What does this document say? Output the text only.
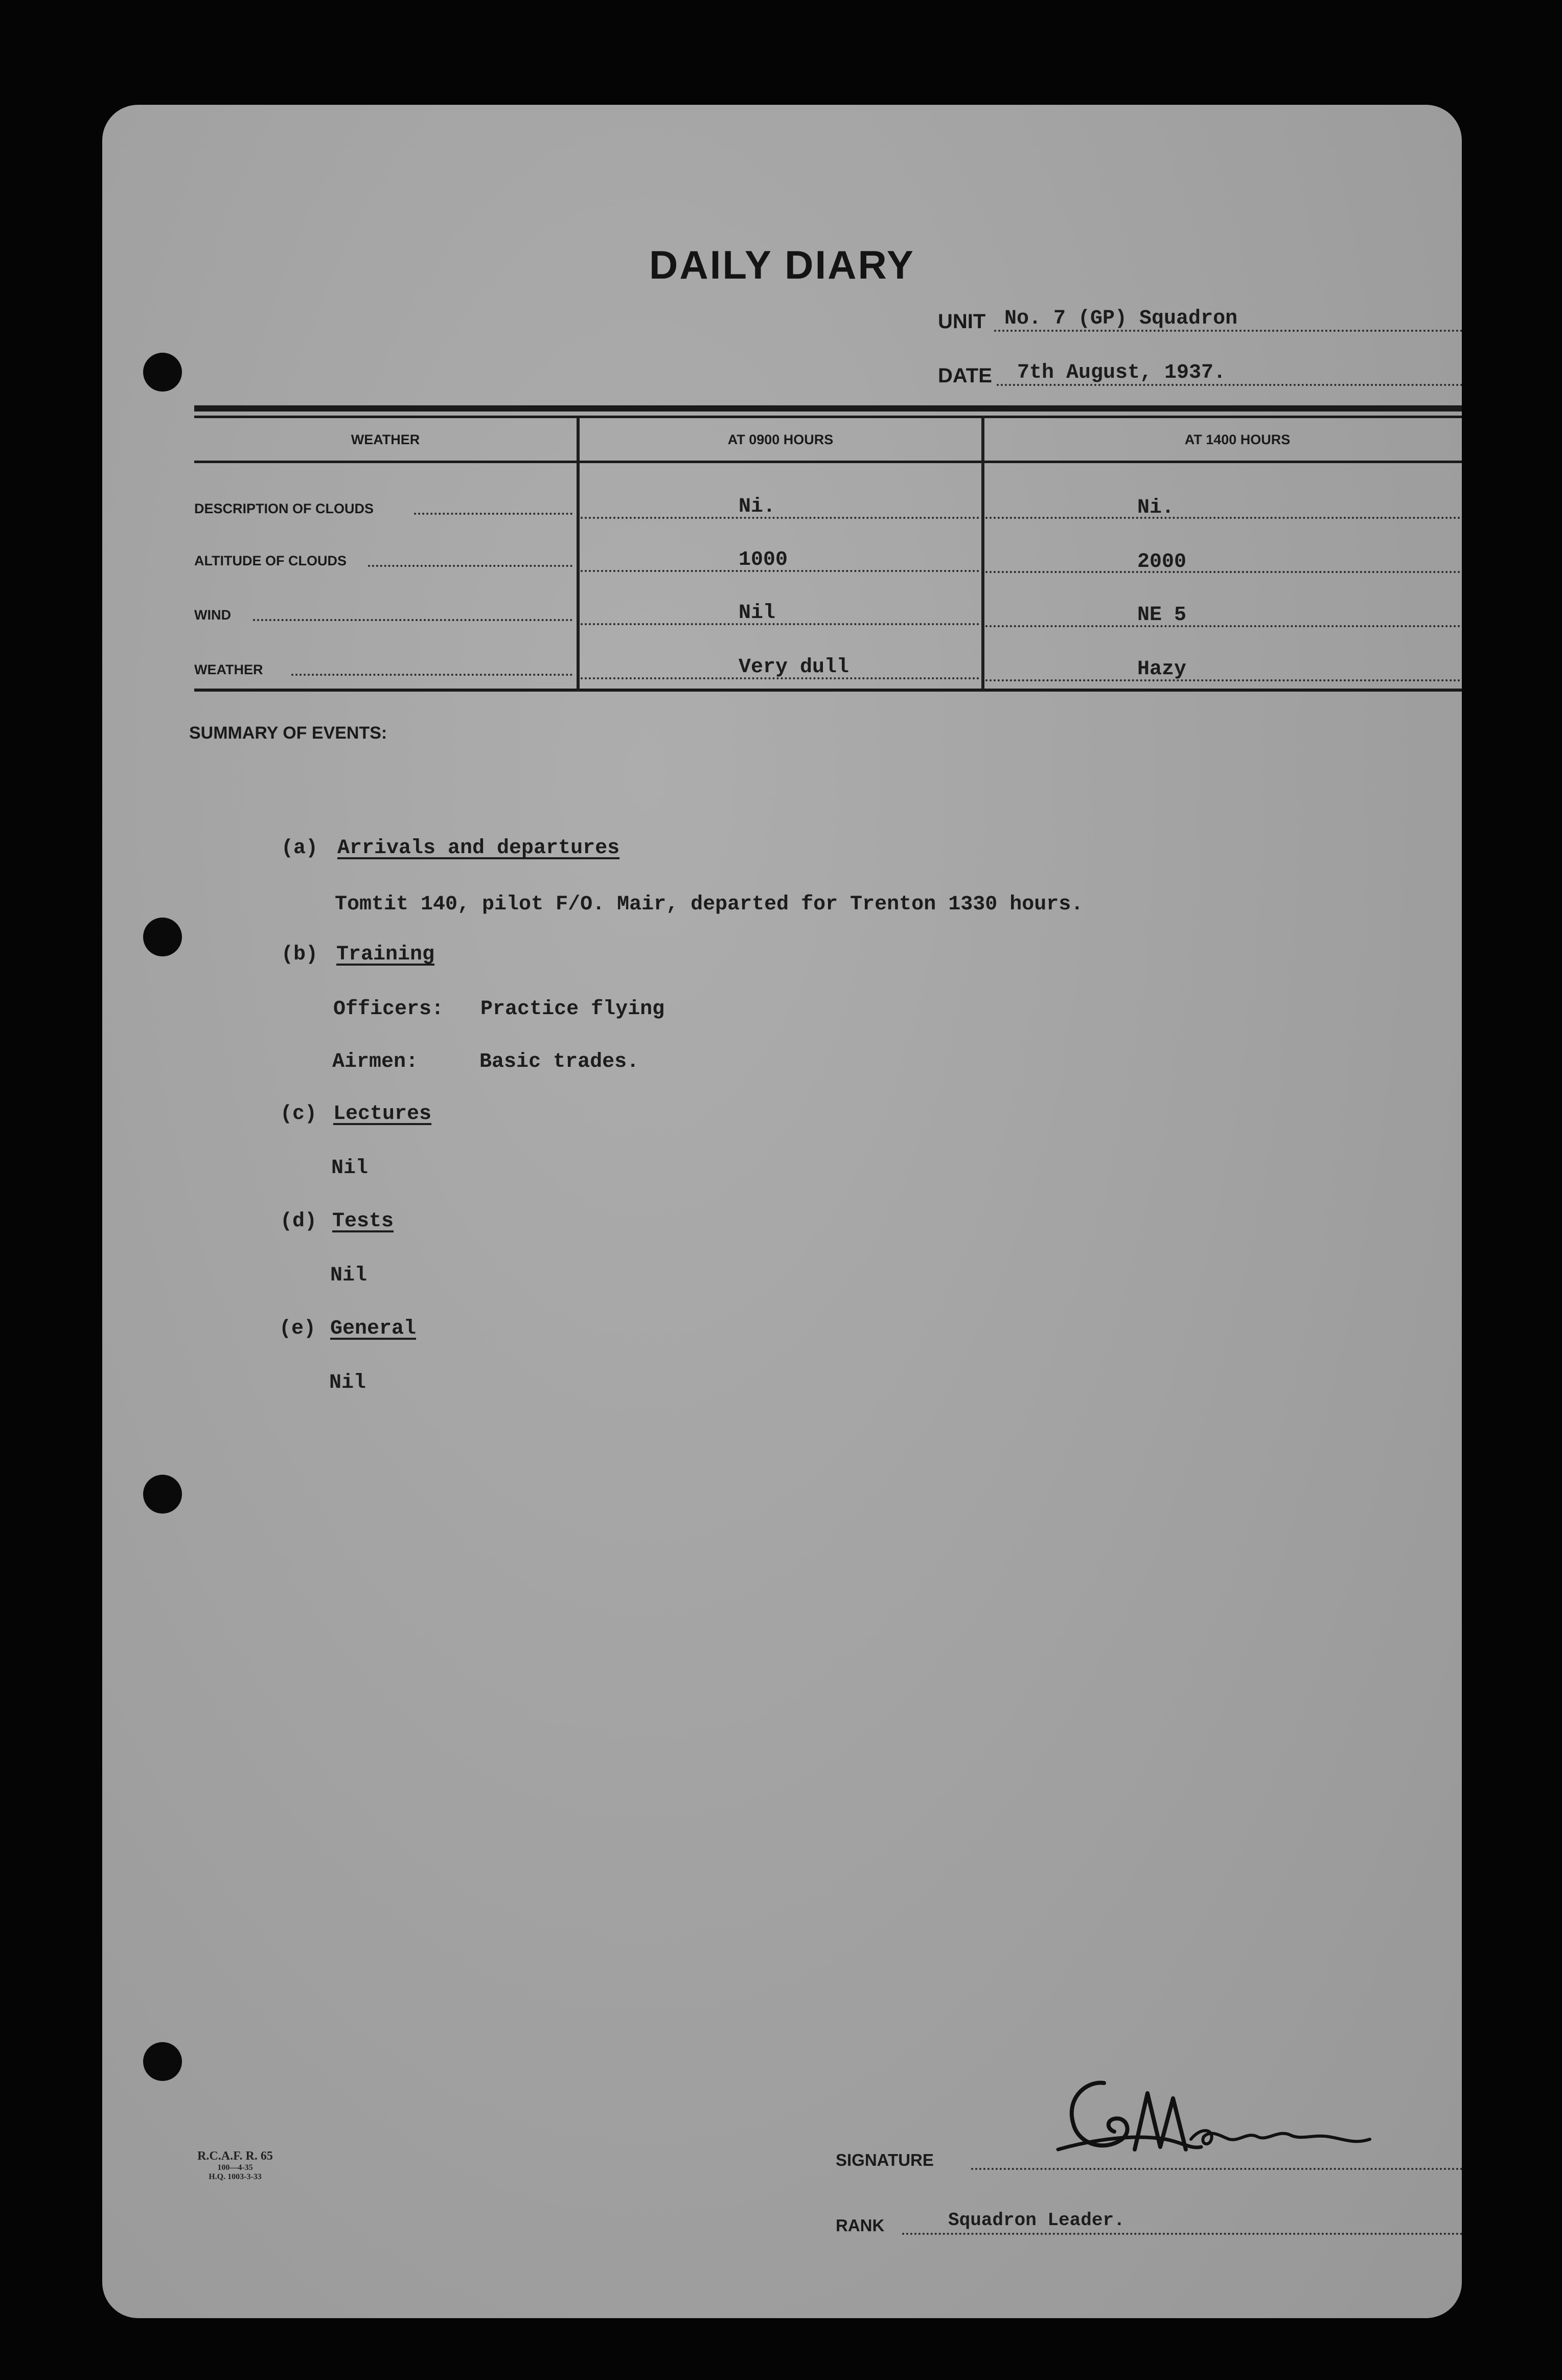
DAILY DIARY
UNIT No. 7 (GP) Squadron
DATE 7th August, 1937.
WEATHER	AT 0900 HOURS	AT 1400 HOURS
DESCRIPTION OF CLOUDS	Ni.	Ni.
ALTITUDE OF CLOUDS	1000	2000
WIND	Nil	NE 5
WEATHER	Very dull	Hazy
SUMMARY OF EVENTS:
(a) Arrivals and departures
Tomtit 140, pilot F/O. Mair, departed for Trenton 1330 hours.
(b) Training
Officers:   Practice flying
Airmen:     Basic trades.
(c) Lectures
Nil
(d) Tests
Nil
(e) General
Nil
R.C.A.F. R. 65
100—4-35
H.Q. 1003-3-33
SIGNATURE
RANK	Squadron Leader.
